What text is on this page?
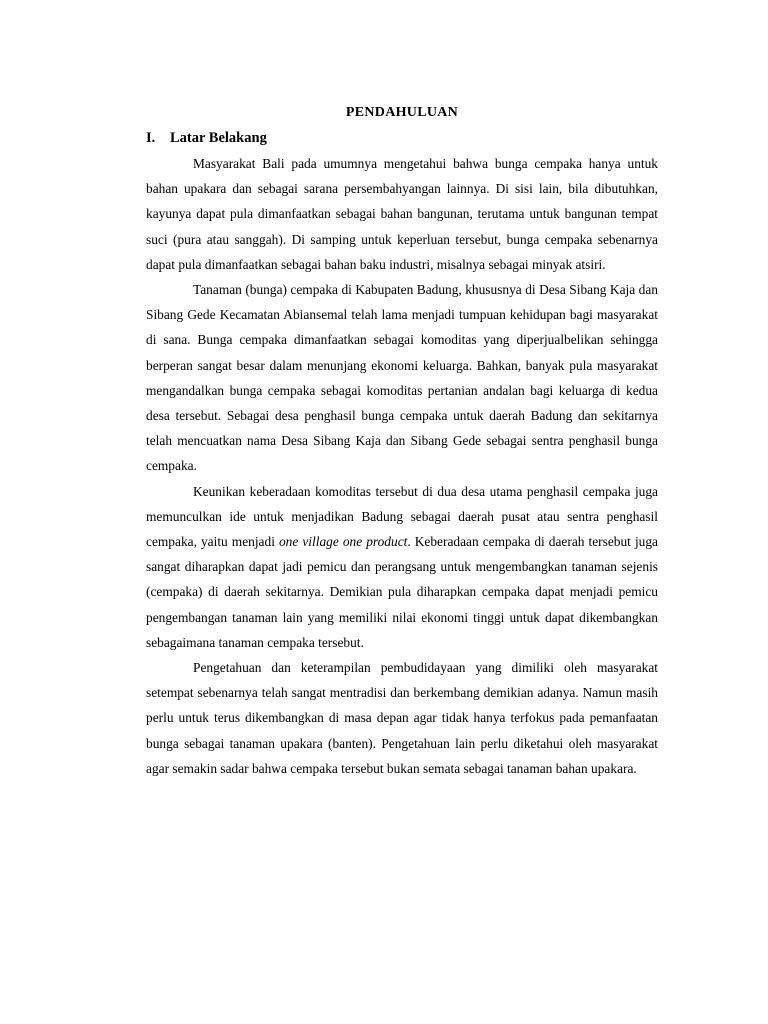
PENDAHULUAN
I. Latar Belakang

Masyarakat Bali pada umumnya mengetahui bahwa bunga cempaka hanya untuk bahan upakara dan sebagai sarana persembahyangan lainnya. Di sisi lain, bila dibutuhkan, kayunya dapat pula dimanfaatkan sebagai bahan bangunan, terutama untuk bangunan tempat suci (pura atau sanggah). Di samping untuk keperluan tersebut, bunga cempaka sebenarnya dapat pula dimanfaatkan sebagai bahan baku industri, misalnya sebagai minyak atsiri.

Tanaman (bunga) cempaka di Kabupaten Badung, khususnya di Desa Sibang Kaja dan Sibang Gede Kecamatan Abiansemal telah lama menjadi tumpuan kehidupan bagi masyarakat di sana. Bunga cempaka dimanfaatkan sebagai komoditas yang diperjualbelikan sehingga berperan sangat besar dalam menunjang ekonomi keluarga. Bahkan, banyak pula masyarakat mengandalkan bunga cempaka sebagai komoditas pertanian andalan bagi keluarga di kedua desa tersebut. Sebagai desa penghasil bunga cempaka untuk daerah Badung dan sekitarnya telah mencuatkan nama Desa Sibang Kaja dan Sibang Gede sebagai sentra penghasil bunga cempaka.

Keunikan keberadaan komoditas tersebut di dua desa utama penghasil cempaka juga memunculkan ide untuk menjadikan Badung sebagai daerah pusat atau sentra penghasil cempaka, yaitu menjadi one village one product. Keberadaan cempaka di daerah tersebut juga sangat diharapkan dapat jadi pemicu dan perangsang untuk mengembangkan tanaman sejenis (cempaka) di daerah sekitarnya. Demikian pula diharapkan cempaka dapat menjadi pemicu pengembangan tanaman lain yang memiliki nilai ekonomi tinggi untuk dapat dikembangkan sebagaimana tanaman cempaka tersebut.

Pengetahuan dan keterampilan pembudidayaan yang dimiliki oleh masyarakat setempat sebenarnya telah sangat mentradisi dan berkembang demikian adanya. Namun masih perlu untuk terus dikembangkan di masa depan agar tidak hanya terfokus pada pemanfaatan bunga sebagai tanaman upakara (banten). Pengetahuan lain perlu diketahui oleh masyarakat agar semakin sadar bahwa cempaka tersebut bukan semata sebagai tanaman bahan upakara.
